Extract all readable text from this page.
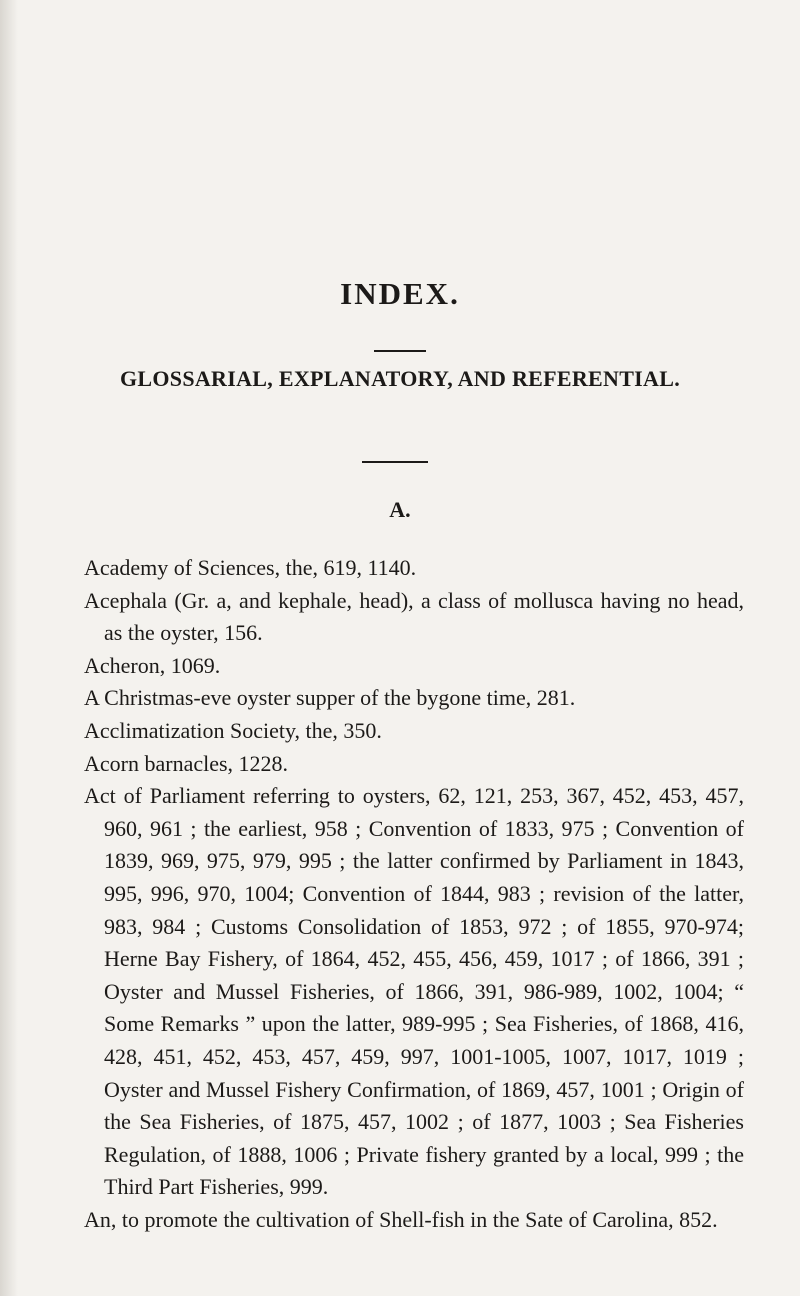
INDEX.
GLOSSARIAL, EXPLANATORY, AND REFERENTIAL.
A.

Academy of Sciences, the, 619, 1140.

Acephala (Gr. a, and kephale, head), a class of mollusca having no head, as the oyster, 156.

Acheron, 1069.

A Christmas-eve oyster supper of the bygone time, 281.

Acclimatization Society, the, 350.

Acorn barnacles, 1228.

Act of Parliament referring to oysters, 62, 121, 253, 367, 452, 453, 457, 960, 961 ; the earliest, 958 ; Convention of 1833, 975 ; Convention of 1839, 969, 975, 979, 995 ; the latter confirmed by Parliament in 1843, 995, 996, 970, 1004; Convention of 1844, 983 ; revision of the latter, 983, 984 ; Customs Consolidation of 1853, 972 ; of 1855, 970-974; Herne Bay Fishery, of 1864, 452, 455, 456, 459, 1017 ; of 1866, 391 ; Oyster and Mussel Fisheries, of 1866, 391, 986-989, 1002, 1004; “ Some Remarks ” upon the latter, 989-995 ; Sea Fisheries, of 1868, 416, 428, 451, 452, 453, 457, 459, 997, 1001-1005, 1007, 1017, 1019 ; Oyster and Mussel Fishery Confirmation, of 1869, 457, 1001 ; Origin of the Sea Fisheries, of 1875, 457, 1002 ; of 1877, 1003 ; Sea Fisheries Regulation, of 1888, 1006 ; Private fishery granted by a local, 999 ; the Third Part Fisheries, 999.

An, to promote the cultivation of Shell-fish in the Sate of Carolina, 852.
